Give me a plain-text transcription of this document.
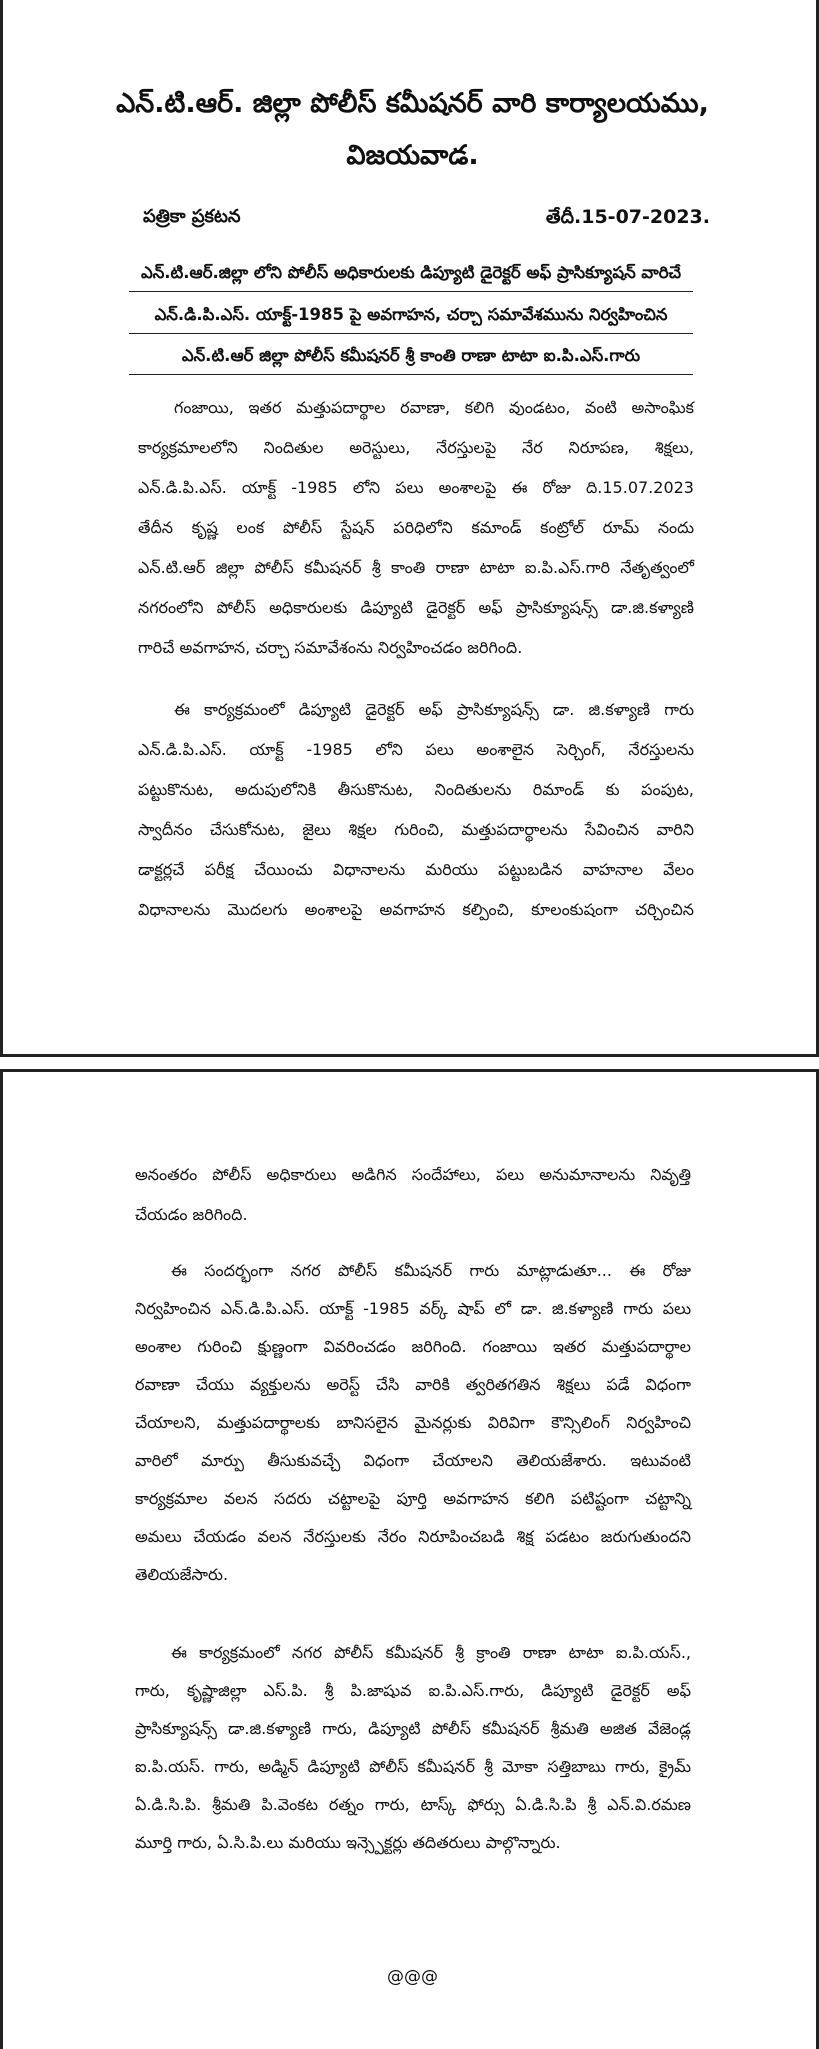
ఎన్.టి.ఆర్. జిల్లా పోలీస్ కమీషనర్ వారి కార్యాలయము,
విజయవాడ.
పత్రికా ప్రకటన	తేదీ.15-07-2023.
ఎన్.టి.ఆర్.జిల్లా లోని పోలీస్ అధికారులకు డిప్యూటి డైరెక్టర్ అఫ్ ప్రాసిక్యూషన్ వారిచే
ఎన్.డి.పి.ఎస్. యాక్ట్-1985 పై అవగాహన, చర్చా సమావేశమును నిర్వహించిన
ఎన్.టి.ఆర్ జిల్లా పోలీస్ కమీషనర్ శ్రీ కాంతి రాణా టాటా ఐ.పి.ఎస్.గారు
గంజాయి, ఇతర మత్తుపదార్థాల రవాణా, కలిగి వుండటం, వంటి అసాంఘిక
కార్యక్రమాలలోని నిందితుల అరెస్టులు, నేరస్తులపై నేర నిరూపణ, శిక్షలు,
ఎన్.డి.పి.ఎస్. యాక్ట్ -1985 లోని పలు అంశాలపై ఈ రోజు ది.15.07.2023
తేదీన కృష్ణ లంక పోలీస్ స్టేషన్ పరిధిలోని కమాండ్ కంట్రోల్ రూమ్ నందు
ఎన్.టి.ఆర్ జిల్లా పోలీస్ కమీషనర్ శ్రీ కాంతి రాణా టాటా ఐ.పి.ఎస్.గారి నేతృత్వంలో
నగరంలోని పోలీస్ అధికారులకు డిప్యూటి డైరెక్టర్ అఫ్ ప్రాసిక్యూషన్స్ డా.జి.కళ్యాణి
గారిచే అవగాహన, చర్చా సమావేశంను నిర్వహించడం జరిగింది.
ఈ కార్యక్రమంలో డిప్యూటి డైరెక్టర్ అఫ్ ప్రాసిక్యూషన్స్ డా. జి.కళ్యాణి గారు
ఎన్.డి.పి.ఎస్. యాక్ట్ -1985 లోని పలు అంశాలైన సెర్చింగ్, నేరస్తులను
పట్టుకొనుట, అదుపులోనికి తీసుకొనుట, నిందితులను రిమాండ్ కు పంపుట,
స్వాదీనం చేసుకోనుట, జైలు శిక్షల గురించి, మత్తుపదార్థాలను సేవించిన వారిని
డాక్టర్లచే పరీక్ష చేయించు విధానాలను మరియు పట్టుబడిన వాహనాల వేలం
విధానాలను మొదలగు అంశాలపై అవగాహన కల్పించి, కూలంకుషంగా చర్చించిన
అనంతరం పోలీస్ అధికారులు అడిగిన సందేహాలు, పలు అనుమానాలను నివృత్తి
చేయడం జరిగింది.
ఈ సందర్భంగా నగర పోలీస్ కమీషనర్ గారు మాట్లాడుతూ... ఈ రోజు
నిర్వహించిన ఎన్.డి.పి.ఎస్. యాక్ట్ -1985 వర్క్ షాప్ లో డా. జి.కళ్యాణి గారు పలు
అంశాల గురించి క్షుణ్ణంగా వివరించడం జరిగింది. గంజాయి ఇతర మత్తుపదార్థాల
రవాణా చేయు వ్యక్తులను అరెస్ట్ చేసి వారికి త్వరితగతిన శిక్షలు పడే విధంగా
చేయాలని, మత్తుపదార్థాలకు బానిసలైన మైనర్లుకు విరివిగా కౌన్సిలింగ్ నిర్వహించి
వారిలో మార్పు తీసుకువచ్చే విధంగా చేయాలని తెలియజేశారు. ఇటువంటి
కార్యక్రమాల వలన సదరు చట్టాలపై పూర్తి అవగాహన కలిగి పటిష్టంగా చట్టాన్ని
అమలు చేయడం వలన నేరస్తులకు నేరం నిరూపించబడి శిక్ష పడటం జరుగుతుందని
తెలియజేసారు.
ఈ కార్యక్రమంలో నగర పోలీస్ కమీషనర్ శ్రీ క్రాంతి రాణా టాటా ఐ.పి.యస్.,
గారు, కృష్ణాజిల్లా ఎస్.పి. శ్రీ పి.జాషువ ఐ.పి.ఎస్.గారు, డిప్యూటి డైరెక్టర్ అఫ్
ప్రాసిక్యూషన్స్ డా.జి.కళ్యాణి గారు, డిప్యూటి పోలీస్ కమీషనర్ శ్రీమతి అజిత వేజెండ్ల
ఐ.పి.యస్. గారు, అడ్మిన్ డిప్యూటి పోలీస్ కమీషనర్ శ్రీ మోకా సత్తిబాబు గారు, క్రైమ్
ఏ.డి.సి.పి. శ్రీమతి పి.వెంకట రత్నం గారు, టాస్క్ ఫోర్సు ఏ.డి.సి.పి శ్రీ ఎన్.వి.రమణ
మూర్తి గారు, ఏ.సి.పి.లు మరియు ఇన్స్పెక్టర్లు తదితరులు పాల్గొన్నారు.
@@@
